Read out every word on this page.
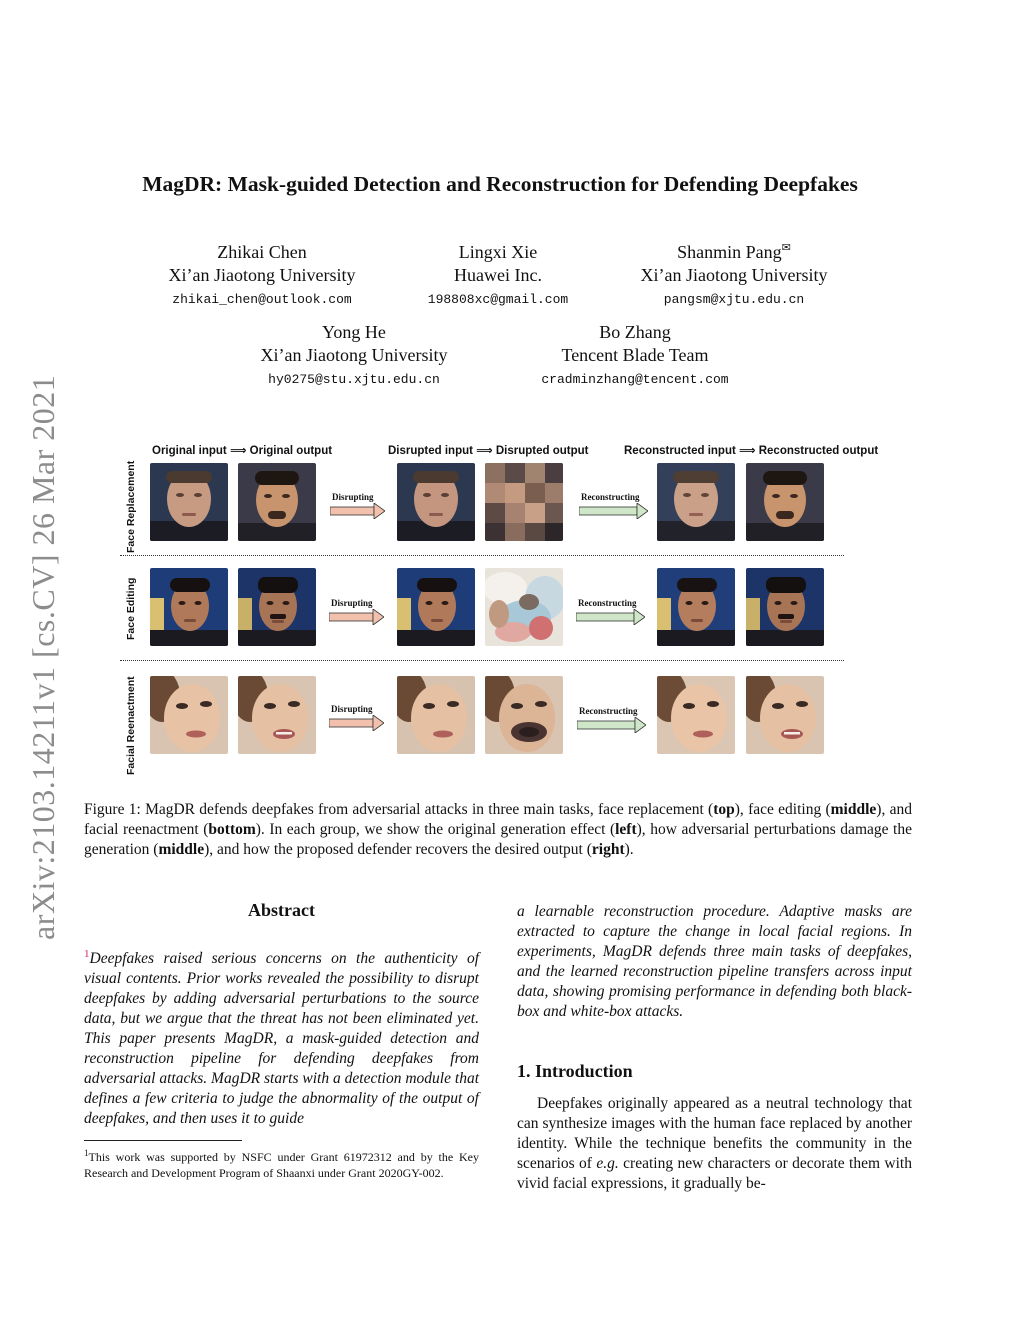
arXiv:2103.14211v1 [cs.CV] 26 Mar 2021
MagDR: Mask-guided Detection and Reconstruction for Defending Deepfakes
Zhikai Chen
Xi’an Jiaotong University
zhikai_chen@outlook.com
Lingxi Xie
Huawei Inc.
198808xc@gmail.com
Shanmin Pang✉
Xi’an Jiaotong University
pangsm@xjtu.edu.cn
Yong He
Xi’an Jiaotong University
hy0275@stu.xjtu.edu.cn
Bo Zhang
Tencent Blade Team
cradminzhang@tencent.com
Original input ⟹ Original output	Disrupted input ⟹ Disrupted output	Reconstructed input ⟹ Reconstructed output
Face Replacement
Face Editing
Facial Reenactment
Disrupting	Reconstructing
Disrupting	Reconstructing
Disrupting	Reconstructing
Figure 1: MagDR defends deepfakes from adversarial attacks in three main tasks, face replacement (top), face editing (middle), and facial reenactment (bottom). In each group, we show the original generation effect (left), how adversarial perturbations damage the generation (middle), and how the proposed defender recovers the desired output (right).
Abstract
$^1$Deepfakes raised serious concerns on the authenticity of visual contents. Prior works revealed the possibility to disrupt deepfakes by adding adversarial perturbations to the source data, but we argue that the threat has not been eliminated yet. This paper presents MagDR, a mask-guided detection and reconstruction pipeline for defending deepfakes from adversarial attacks. MagDR starts with a detection module that defines a few criteria to judge the abnormality of the output of deepfakes, and then uses it to guide
a learnable reconstruction procedure. Adaptive masks are extracted to capture the change in local facial regions. In experiments, MagDR defends three main tasks of deepfakes, and the learned reconstruction pipeline transfers across input data, showing promising performance in defending both black-box and white-box attacks.
1. Introduction
Deepfakes originally appeared as a neutral technology that can synthesize images with the human face replaced by another identity. While the technique benefits the community in the scenarios of e.g. creating new characters or decorate them with vivid facial expressions, it gradually be-
$^1$This work was supported by NSFC under Grant 61972312 and by the Key Research and Development Program of Shaanxi under Grant 2020GY-002.
